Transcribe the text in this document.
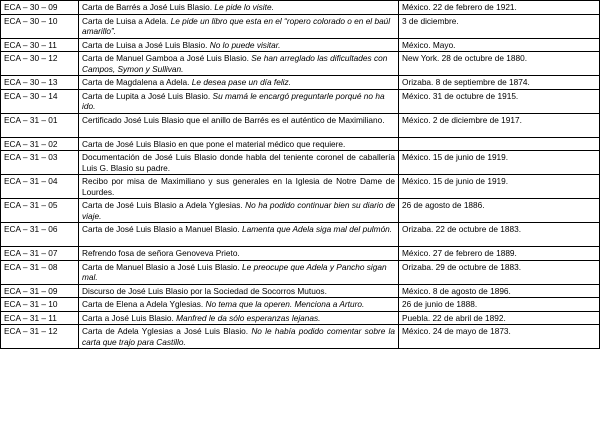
ECA – 30 – 09	Carta de Barrés a José Luis Blasio. Le pide lo visite.	México. 22 de febrero de 1921.
ECA – 30 – 10	Carta de Luisa a Adela. Le pide un libro que esta en el “ropero colorado o en el baúl amarillo”.	3 de diciembre.
ECA – 30 – 11	Carta de Luisa a José Luis Blasio. No lo puede visitar.	México. Mayo.
ECA – 30 – 12	Carta de Manuel Gamboa a José Luis Blasio. Se han arreglado las dificultades con Campos, Symon y Sullivan.	New York. 28 de octubre de 1880.
ECA – 30 – 13	Carta de Magdalena a Adela. Le desea pase un día feliz.	Orizaba. 8 de septiembre de 1874.
ECA – 30 – 14	Carta de Lupita a José Luis Blasio. Su mamá le encargó preguntarle porqué no ha ido.	México. 31 de octubre de 1915.
ECA – 31 – 01	Certificado José Luis Blasio que el anillo de Barrés es el auténtico de Maximiliano.	México. 2 de diciembre de 1917.
ECA – 31 – 02	Carta de José Luis Blasio en que pone el material médico que requiere.	
ECA – 31 – 03	Documentación de José Luis Blasio donde habla del teniente coronel de caballería Luis G. Blasio su padre.	México. 15 de junio de 1919.
ECA – 31 – 04	Recibo por misa de Maximiliano y sus generales en la Iglesia de Notre Dame de Lourdes.	México. 15 de junio de 1919.
ECA – 31 – 05	Carta de José Luis Blasio a Adela Yglesias. No ha podido continuar bien su diario de viaje.	26 de agosto de 1886.
ECA – 31 – 06	Carta de José Luis Blasio a Manuel Blasio. Lamenta que Adela siga mal del pulmón.	Orizaba. 22 de octubre de 1883.
ECA – 31 – 07	Refrendo fosa de señora Genoveva Prieto.	México. 27 de febrero de 1889.
ECA – 31 – 08	Carta de Manuel Blasio a José Luis Blasio. Le preocupe que Adela y Pancho sigan mal.	Orizaba. 29 de octubre de 1883.
ECA – 31 – 09	Discurso de José Luis Blasio por la Sociedad de Socorros Mutuos.	México. 8 de agosto de 1896.
ECA – 31 – 10	Carta de Elena a Adela Yglesias. No tema que la operen. Menciona a Arturo.	26 de junio de 1888.
ECA – 31 – 11	Carta a José Luis Blasio. Manfred le da sólo esperanzas lejanas.	Puebla. 22 de abril de 1892.
ECA – 31 – 12	Carta de Adela Yglesias a José Luis Blasio. No le había podido comentar sobre la carta que trajo para Castillo.	México. 24 de mayo de 1873.
